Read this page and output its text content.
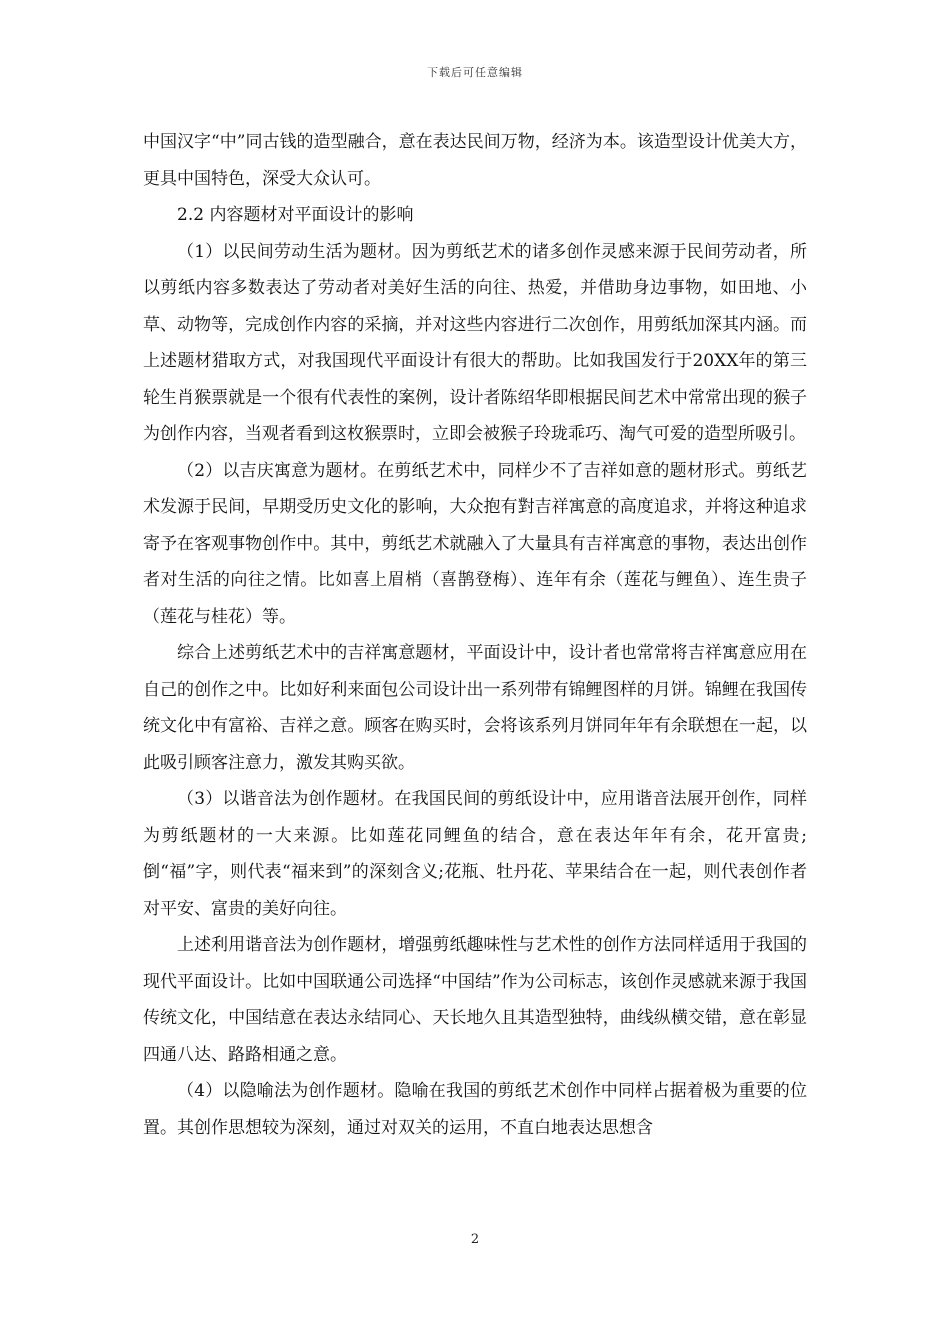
下载后可任意编辑

中国汉字“中”同古钱的造型融合，意在表达民间万物，经济为本。该造型设计优美大方，更具中国特色，深受大众认可。

2.2 内容题材对平面设计的影响

（1）以民间劳动生活为题材。因为剪纸艺术的诸多创作灵感来源于民间劳动者，所以剪纸内容多数表达了劳动者对美好生活的向往、热爱，并借助身边事物，如田地、小草、动物等，完成创作内容的采摘，并对这些内容进行二次创作，用剪纸加深其内涵。而上述题材猎取方式，对我国现代平面设计有很大的帮助。比如我国发行于20XX年的第三轮生肖猴票就是一个很有代表性的案例，设计者陈绍华即根据民间艺术中常常出现的猴子为创作内容，当观者看到这枚猴票时，立即会被猴子玲珑乖巧、淘气可爱的造型所吸引。

（2）以吉庆寓意为题材。在剪纸艺术中，同样少不了吉祥如意的题材形式。剪纸艺术发源于民间，早期受历史文化的影响，大众抱有對吉祥寓意的高度追求，并将这种追求寄予在客观事物创作中。其中，剪纸艺术就融入了大量具有吉祥寓意的事物，表达出创作者对生活的向往之情。比如喜上眉梢（喜鹊登梅）、连年有余（莲花与鲤鱼）、连生贵子（莲花与桂花）等。

综合上述剪纸艺术中的吉祥寓意题材，平面设计中，设计者也常常将吉祥寓意应用在自己的创作之中。比如好利来面包公司设计出一系列带有锦鲤图样的月饼。锦鲤在我国传统文化中有富裕、吉祥之意。顾客在购买时，会将该系列月饼同年年有余联想在一起，以此吸引顾客注意力，激发其购买欲。

（3）以谐音法为创作题材。在我国民间的剪纸设计中，应用谐音法展开创作，同样为剪纸题材的一大来源。比如莲花同鲤鱼的结合，意在表达年年有余，花开富贵;倒“福”字，则代表“福来到”的深刻含义;花瓶、牡丹花、苹果结合在一起，则代表创作者对平安、富贵的美好向往。

上述利用谐音法为创作题材，增强剪纸趣味性与艺术性的创作方法同样适用于我国的现代平面设计。比如中国联通公司选择“中国结”作为公司标志，该创作灵感就来源于我国传统文化，中国结意在表达永结同心、天长地久且其造型独特，曲线纵横交错，意在彰显四通八达、路路相通之意。

（4）以隐喻法为创作题材。隐喻在我国的剪纸艺术创作中同样占据着极为重要的位置。其创作思想较为深刻，通过对双关的运用，不直白地表达思想含

2
